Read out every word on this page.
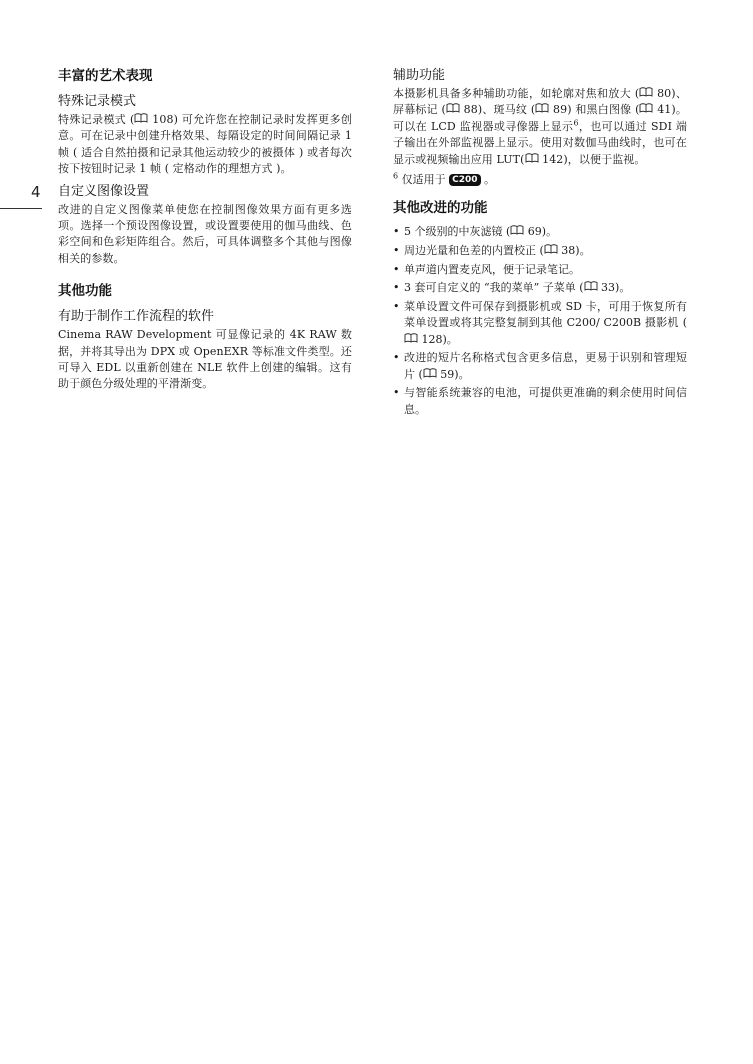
4
丰富的艺术表现
特殊记录模式

特殊记录模式 ( 108) 可允许您在控制记录时发挥更多创意。可在记录中创建升格效果、每隔设定的时间间隔记录 1 帧 ( 适合自然拍摄和记录其他运动较少的被摄体 ) 或者每次按下按钮时记录 1 帧 ( 定格动作的理想方式 )。

自定义图像设置

改进的自定义图像菜单使您在控制图像效果方面有更多选项。选择一个预设图像设置，或设置要使用的伽马曲线、色彩空间和色彩矩阵组合。然后，可具体调整多个其他与图像相关的参数。

其他功能
有助于制作工作流程的软件

Cinema RAW Development 可显像记录的 4K RAW 数据，并将其导出为 DPX 或 OpenEXR 等标准文件类型。还可导入 EDL 以重新创建在 NLE 软件上创建的编辑。这有助于颜色分级处理的平滑渐变。

辅助功能

本摄影机具备多种辅助功能，如轮廓对焦和放大 ( 80)、屏幕标记 ( 88)、斑马纹 ( 89) 和黑白图像 ( 41)。可以在 LCD 监视器或寻像器上显示$^6$，也可以通过 SDI 端子输出在外部监视器上显示。使用对数伽马曲线时，也可在显示或视频输出应用 LUT( 142)，以便于监视。

$^6$ 仅适用于 C200 。

其他改进的功能
• 5 个级别的中灰滤镜 ( 69)。
• 周边光量和色差的内置校正 ( 38)。
• 单声道内置麦克风，便于记录笔记。
• 3 套可自定义的 “我的菜单” 子菜单 ( 33)。
• 菜单设置文件可保存到摄影机或 SD 卡，可用于恢复所有菜单设置或将其完整复制到其他 C200/ C200B 摄影机 ( 128)。
• 改进的短片名称格式包含更多信息，更易于识别和管理短片 ( 59)。
• 与智能系统兼容的电池，可提供更准确的剩余使用时间信息。
